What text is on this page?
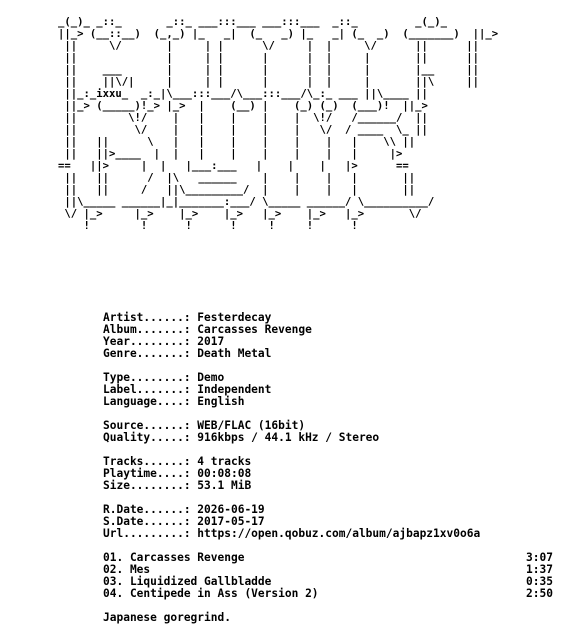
_(_)_ _::_       _::_ ___:::___ ___:::___  _::_         _(_)_
||_> (__::__)  (_,_) |_   _|  (_   _) |_   _| (_  _)  (_______)  ||_>
||     \/       |     | |      \/     |  |     \/      ||      ||
||              |     | |      |      |  |     |       ||      ||
||    ___       |     | |      |      |  |     |       |__     ||
||    ||\/|     |     | |      |      |  |     |       ||\     ||
||_:_ixxu_  _:_|\___:::___/\___:::___/\_:_ ___ ||\____ ||
||_> (_____)!_> |_>  |    (__) |    (_) (_)  (___)!  ||_>
||        \!/    |   |    |    |    |  \!/   /______/  ||
||         \/    |   |    |    |    |   \/  / ____  \_ ||
||   ||      \   |   |    |    |    |    |   |    \\ ||
||   ||>____  |  |   |    |    |    |    |   |     |>
==   ||>     |  |   |___:___   |    |    |   |>      ==
||   ||      /  |\   ______    |    |    |   |       ||
||   ||     /   ||\_________/  |    |    |   |       ||
||\_____ ______|_|_______:___/ \_____ ______/ \__________/
\/ |_>     |_>    |_>    |_>   |_>    |_>   |_>       \/
!        !      !      !     !     !      !
Artist......: Festerdecay
Album.......: Carcasses Revenge
Year........: 2017
Genre.......: Death Metal
Type........: Demo
Label.......: Independent
Language....: English
Source......: WEB/FLAC (16bit)
Quality.....: 916kbps / 44.1 kHz / Stereo
Tracks......: 4 tracks
Playtime....: 00:08:08
Size........: 53.1 MiB
R.Date......: 2026-06-19
S.Date......: 2017-05-17
Url.........: https://open.qobuz.com/album/ajbapz1xv0o6a
01. Carcasses Revenge	3:07
02. Mes	1:37
03. Liquidized Gallbladde	0:35
04. Centipede in Ass (Version 2)	2:50
Japanese goregrind.
